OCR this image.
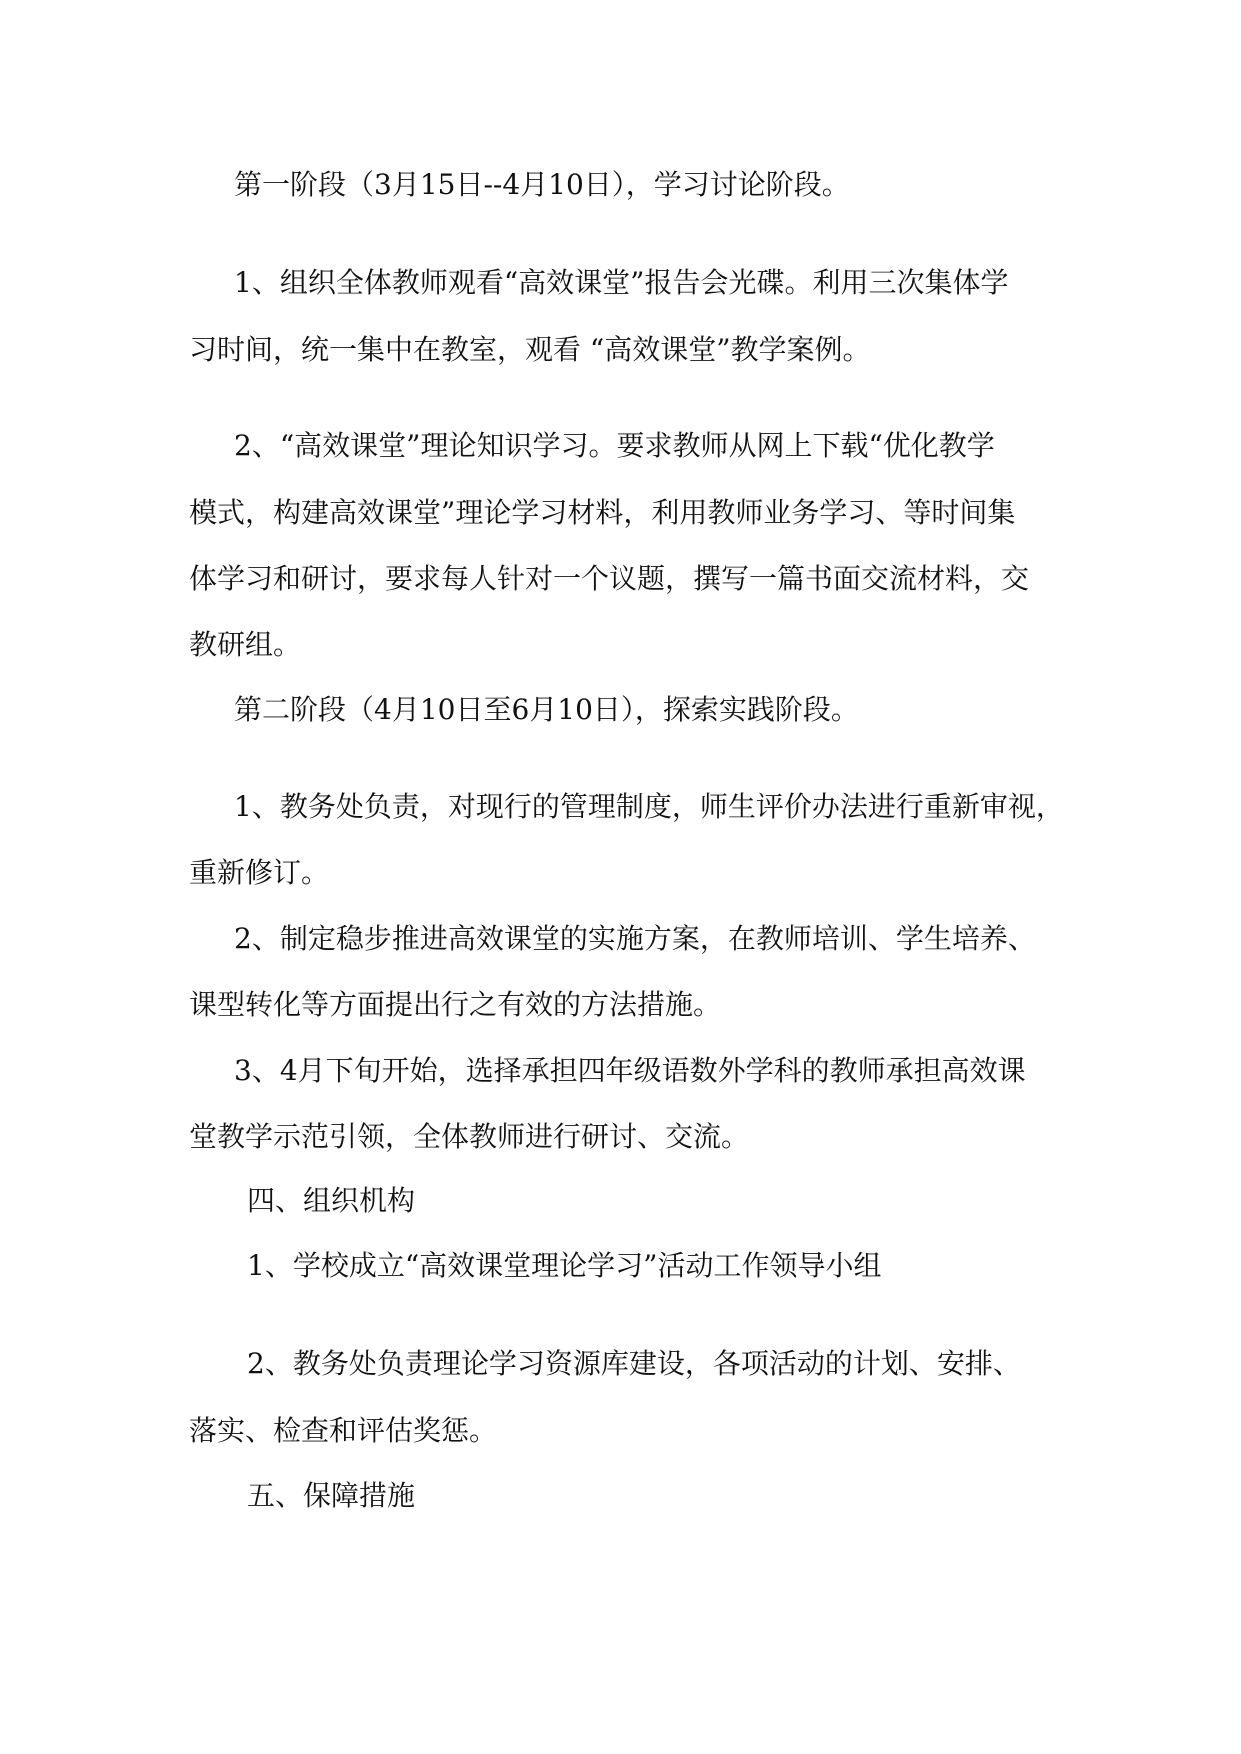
第一阶段（3月15日--4月10日），学习讨论阶段。
1、组织全体教师观看“高效课堂”报告会光碟。利用三次集体学
习时间，统一集中在教室，观看 “高效课堂”教学案例。
2、“高效课堂”理论知识学习。要求教师从网上下载“优化教学
模式，构建高效课堂”理论学习材料，利用教师业务学习、等时间集
体学习和研讨，要求每人针对一个议题，撰写一篇书面交流材料，交
教研组。
第二阶段（4月10日至6月10日），探索实践阶段。
1、教务处负责，对现行的管理制度，师生评价办法进行重新审视，
重新修订。
2、制定稳步推进高效课堂的实施方案，在教师培训、学生培养、
课型转化等方面提出行之有效的方法措施。
3、4月下旬开始，选择承担四年级语数外学科的教师承担高效课
堂教学示范引领，全体教师进行研讨、交流。
四、组织机构
1、学校成立“高效课堂理论学习”活动工作领导小组
2、教务处负责理论学习资源库建设，各项活动的计划、安排、
落实、检查和评估奖惩。
五、保障措施
